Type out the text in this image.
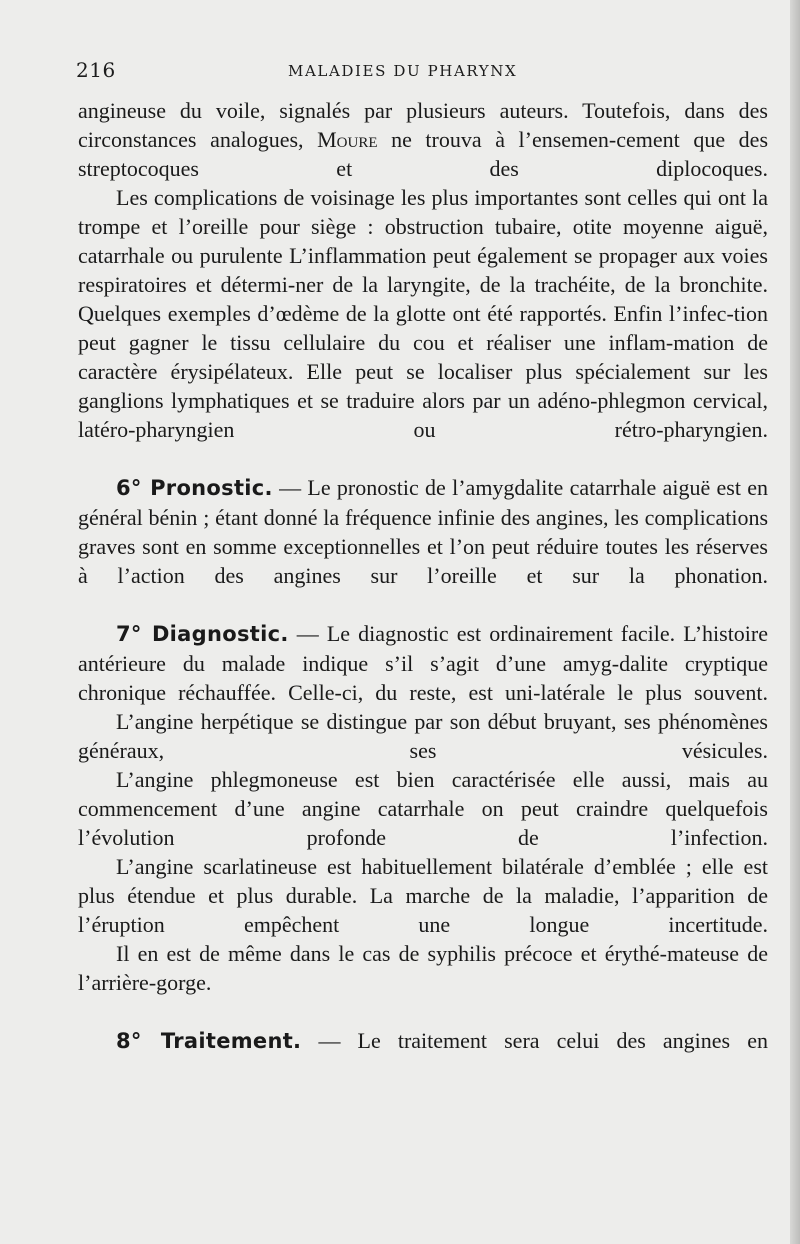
216	MALADIES DU PHARYNX

angineuse du voile, signalés par plusieurs auteurs. Toutefois, dans des circonstances analogues, Moure ne trouva à l’ensemen-cement que des streptocoques et des diplocoques.

Les complications de voisinage les plus importantes sont celles qui ont la trompe et l’oreille pour siège : obstruction tubaire, otite moyenne aiguë, catarrhale ou purulente L’inflammation peut également se propager aux voies respiratoires et détermi-ner de la laryngite, de la trachéite, de la bronchite. Quelques exemples d’œdème de la glotte ont été rapportés. Enfin l’infec-tion peut gagner le tissu cellulaire du cou et réaliser une inflam-mation de caractère érysipélateux. Elle peut se localiser plus spécialement sur les ganglions lymphatiques et se traduire alors par un adéno-phlegmon cervical, latéro-pharyngien ou rétro-pharyngien.

6° Pronostic. — Le pronostic de l’amygdalite catarrhale aiguë est en général bénin ; étant donné la fréquence infinie des angines, les complications graves sont en somme exceptionnelles et l’on peut réduire toutes les réserves à l’action des angines sur l’oreille et sur la phonation.

7° Diagnostic. — Le diagnostic est ordinairement facile. L’histoire antérieure du malade indique s’il s’agit d’une amyg-dalite cryptique chronique réchauffée. Celle-ci, du reste, est uni-latérale le plus souvent.

L’angine herpétique se distingue par son début bruyant, ses phénomènes généraux, ses vésicules.

L’angine phlegmoneuse est bien caractérisée elle aussi, mais au commencement d’une angine catarrhale on peut craindre quelquefois l’évolution profonde de l’infection.

L’angine scarlatineuse est habituellement bilatérale d’emblée ; elle est plus étendue et plus durable. La marche de la maladie, l’apparition de l’éruption empêchent une longue incertitude.

Il en est de même dans le cas de syphilis précoce et érythé-mateuse de l’arrière-gorge.

8° Traitement. — Le traitement sera celui des angines en
